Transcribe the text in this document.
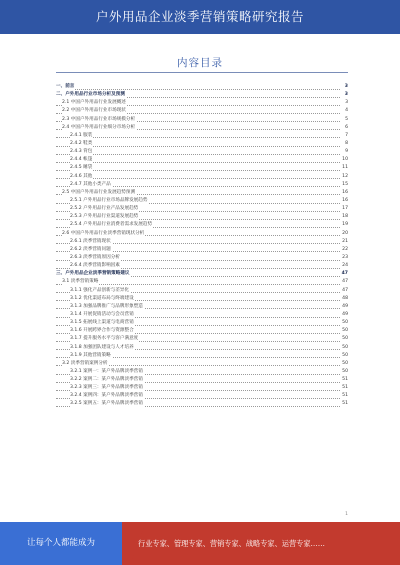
户外用品企业淡季营销策略研究报告
内容目录
一、前言	3
二、户外用品行业市场分析及预测	3
2.1 中国户外用品行业发展概述	3
2.2 中国户外用品行业市场现状	4
2.3 中国户外用品行业市场规模分析	5
2.4 中国户外用品行业细分市场分析	6
2.4.1 服装	7
2.4.2 鞋类	8
2.4.3 背包	9
2.4.4 帐篷	10
2.4.5 睡袋	11
2.4.6 其他	12
2.4.7 其他小类产品	15
2.5 中国户外用品行业发展趋势预测	16
2.5.1 户外用品行业市场品牌发展趋势	16
2.5.2 户外用品行业产品发展趋势	17
2.5.3 户外用品行业渠道发展趋势	18
2.5.4 户外用品行业消费者需求发展趋势	19
2.6 中国户外用品行业淡季营销现状分析	20
2.6.1 淡季营销现状	21
2.6.2 淡季营销问题	22
2.6.3 淡季营销原因分析	23
2.6.4 淡季营销影响因素	24
三、户外用品企业淡季营销策略建议	47
3.1 淡季营销策略	47
3.1.1 强化产品创新与差异化	47
3.1.2 优化渠道布局与终端建设	48
3.1.3 加强品牌推广与品牌形象塑造	49
3.1.4 开展促销活动与会员营销	49
3.1.5 拓展线上渠道与电商营销	50
3.1.6 开展跨界合作与资源整合	50
3.1.7 提升服务水平与客户满意度	50
3.1.8 加强团队建设与人才培养	50
3.1.9 其他营销策略	50
3.2 淡季营销案例分析	50
3.2.1 案例一：某户外品牌淡季营销	50
3.2.2 案例二：某户外品牌淡季营销	51
3.2.3 案例三：某户外品牌淡季营销	51
3.2.4 案例四：某户外品牌淡季营销	51
3.2.5 案例五：某户外品牌淡季营销	51
1
让每个人都能成为	行业专家、管理专家、营销专家、战略专家、运营专家……
